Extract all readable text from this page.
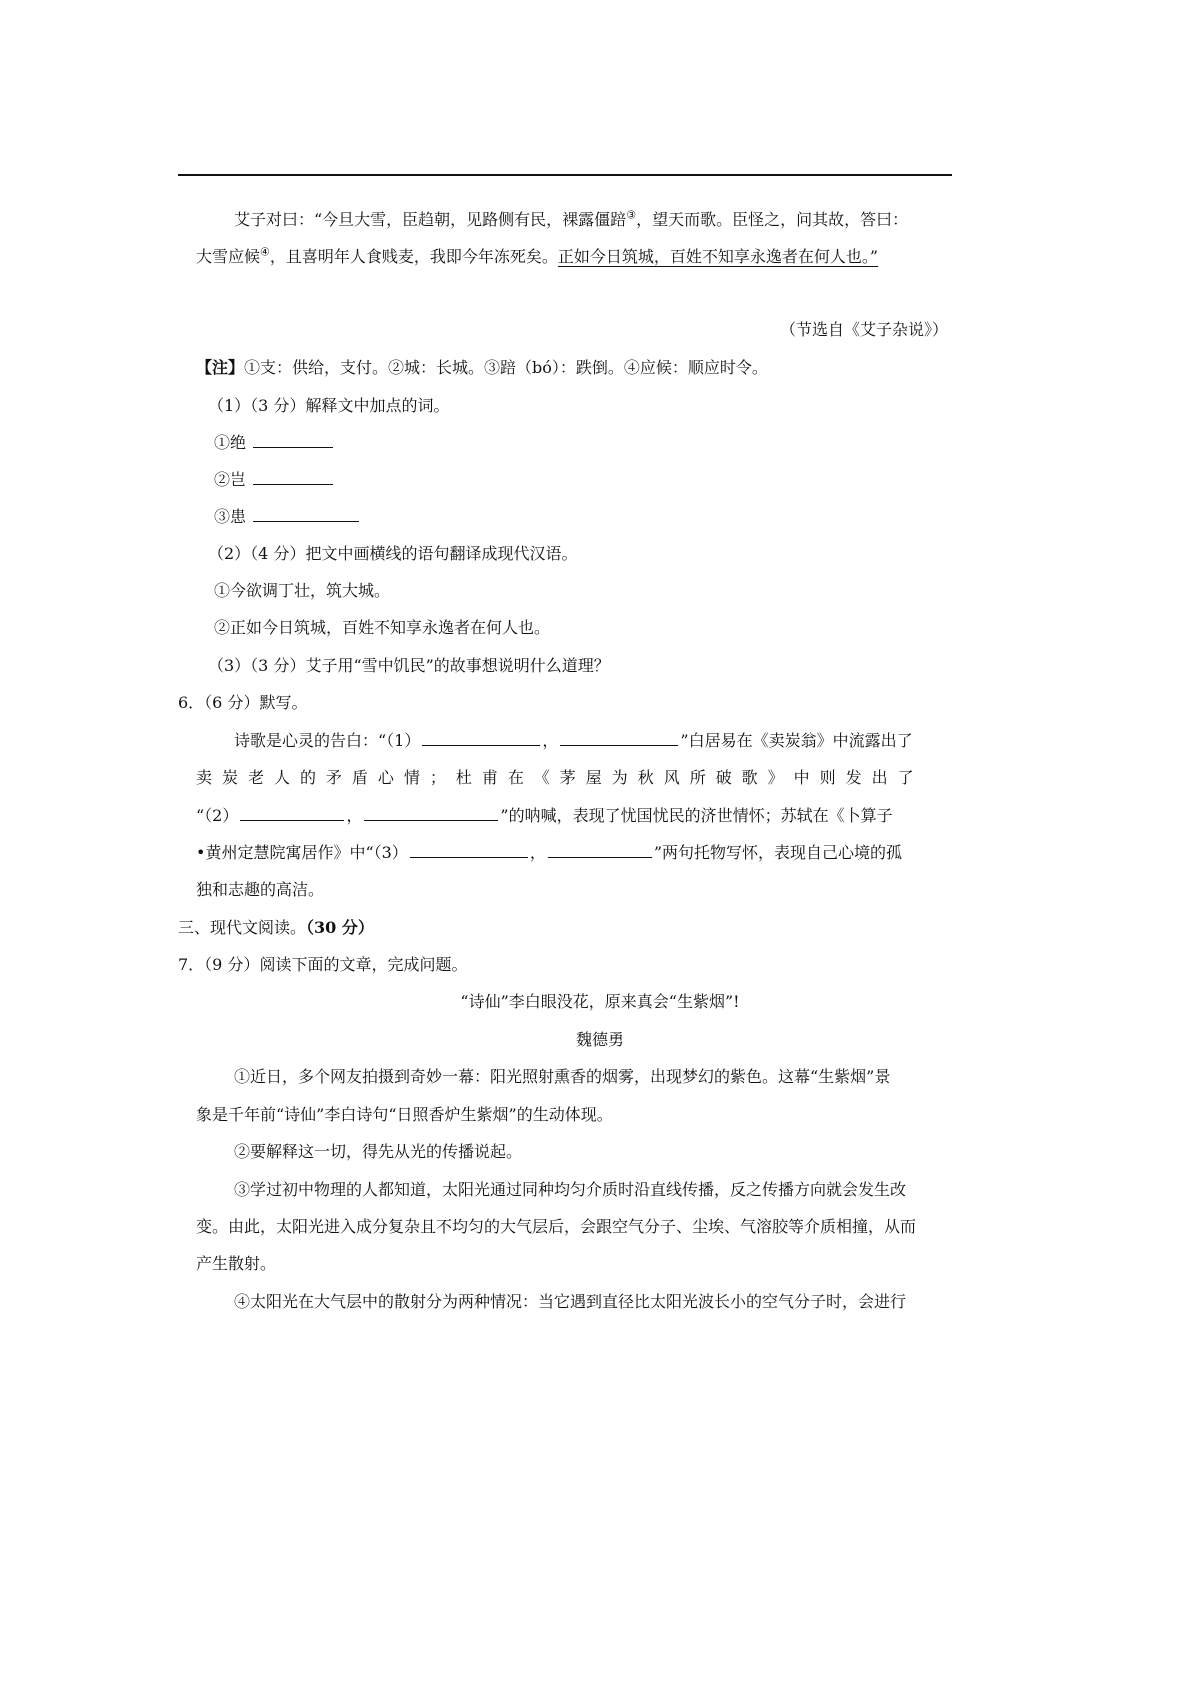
艾子对曰：“今旦大雪，臣趋朝，见路侧有民，裸露僵踣③，望天而歌。臣怪之，问其故，答曰：
大雪应候④，且喜明年人食贱麦，我即今年冻死矣。正如今日筑城，百姓不知享永逸者在何人也。”
（节选自《艾子杂说》）
【注】①支：供给，支付。②城：长城。③踣（bó）：跌倒。④应候：顺应时令。
（1）（3 分）解释文中加点的词。
①绝
②岂
③患
（2）（4 分）把文中画横线的语句翻译成现代汉语。
①今欲调丁壮，筑大城。
②正如今日筑城，百姓不知享永逸者在何人也。
（3）（3 分）艾子用“雪中饥民”的故事想说明什么道理？
6．（6 分）默写。
诗歌是心灵的告白：“（1）	，	”白居易在《卖炭翁》中流露出了
卖 炭 老 人 的 矛 盾 心 情 ； 杜 甫 在 《 茅 屋 为 秋 风 所 破 歌 》 中 则 发 出 了
“（2）	，	”的呐喊，表现了忧国忧民的济世情怀；苏轼在《卜算子
•黄州定慧院寓居作》中“（3）	，	”两句托物写怀，表现自己心境的孤
独和志趣的高洁。
三、现代文阅读。（30 分）
7．（9 分）阅读下面的文章，完成问题。
“诗仙”李白眼没花，原来真会“生紫烟”!
魏德勇
①近日，多个网友拍摄到奇妙一幕：阳光照射熏香的烟雾，出现梦幻的紫色。这幕“生紫烟”景
象是千年前“诗仙”李白诗句“日照香炉生紫烟”的生动体现。
②要解释这一切，得先从光的传播说起。
③学过初中物理的人都知道，太阳光通过同种均匀介质时沿直线传播，反之传播方向就会发生改
变。由此，太阳光进入成分复杂且不均匀的大气层后，会跟空气分子、尘埃、气溶胶等介质相撞，从而
产生散射。
④太阳光在大气层中的散射分为两种情况：当它遇到直径比太阳光波长小的空气分子时，会进行
